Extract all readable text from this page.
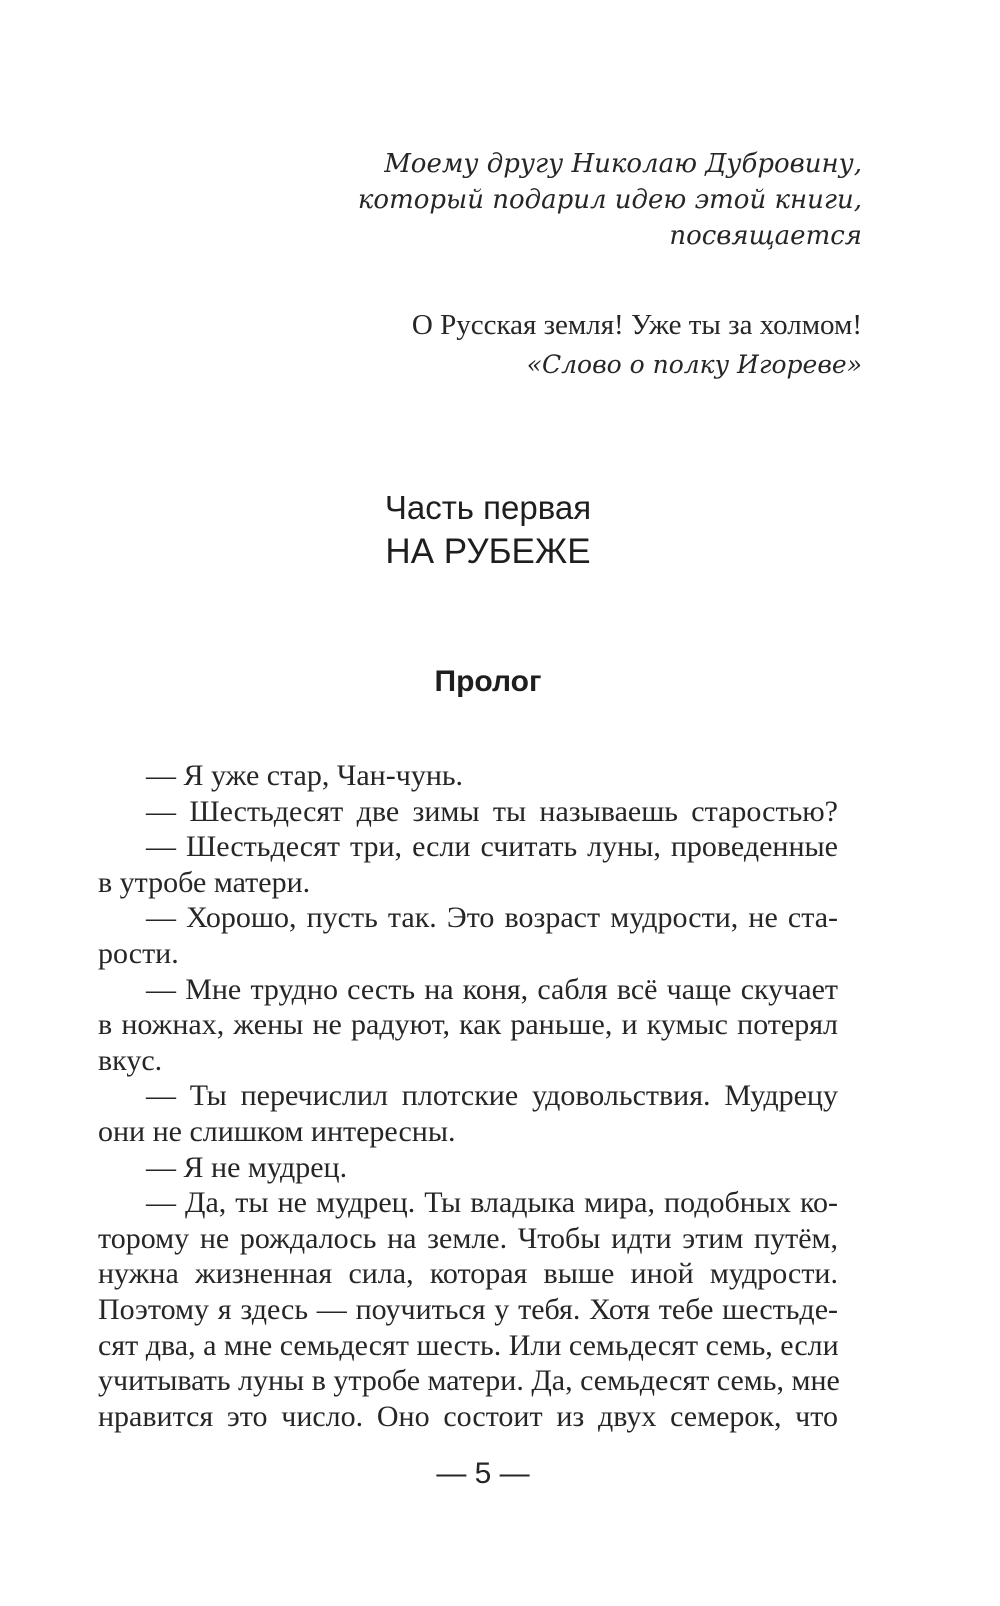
Моему другу Николаю Дубровину,
который подарил идею этой книги,
посвящается
О Русская земля! Уже ты за холмом!
«Слово о полку Игореве»
Часть первая
НА РУБЕЖЕ
Пролог
— Я уже стар, Чан-чунь.
— Шестьдесят две зимы ты называешь старостью?
— Шестьдесят три, если считать луны, проведенные
в утробе матери.
— Хорошо, пусть так. Это возраст мудрости, не ста-
рости.
— Мне трудно сесть на коня, сабля всё чаще скучает
в ножнах, жены не радуют, как раньше, и кумыс потерял
вкус.
— Ты перечислил плотские удовольствия. Мудрецу
они не слишком интересны.
— Я не мудрец.
— Да, ты не мудрец. Ты владыка мира, подобных ко-
торому не рождалось на земле. Чтобы идти этим путём,
нужна жизненная сила, которая выше иной мудрости.
Поэтому я здесь — поучиться у тебя. Хотя тебе шестьде-
сят два, а мне семьдесят шесть. Или семьдесят семь, если
учитывать луны в утробе матери. Да, семьдесят семь, мне
нравится это число. Оно состоит из двух семерок, что
— 5 —
